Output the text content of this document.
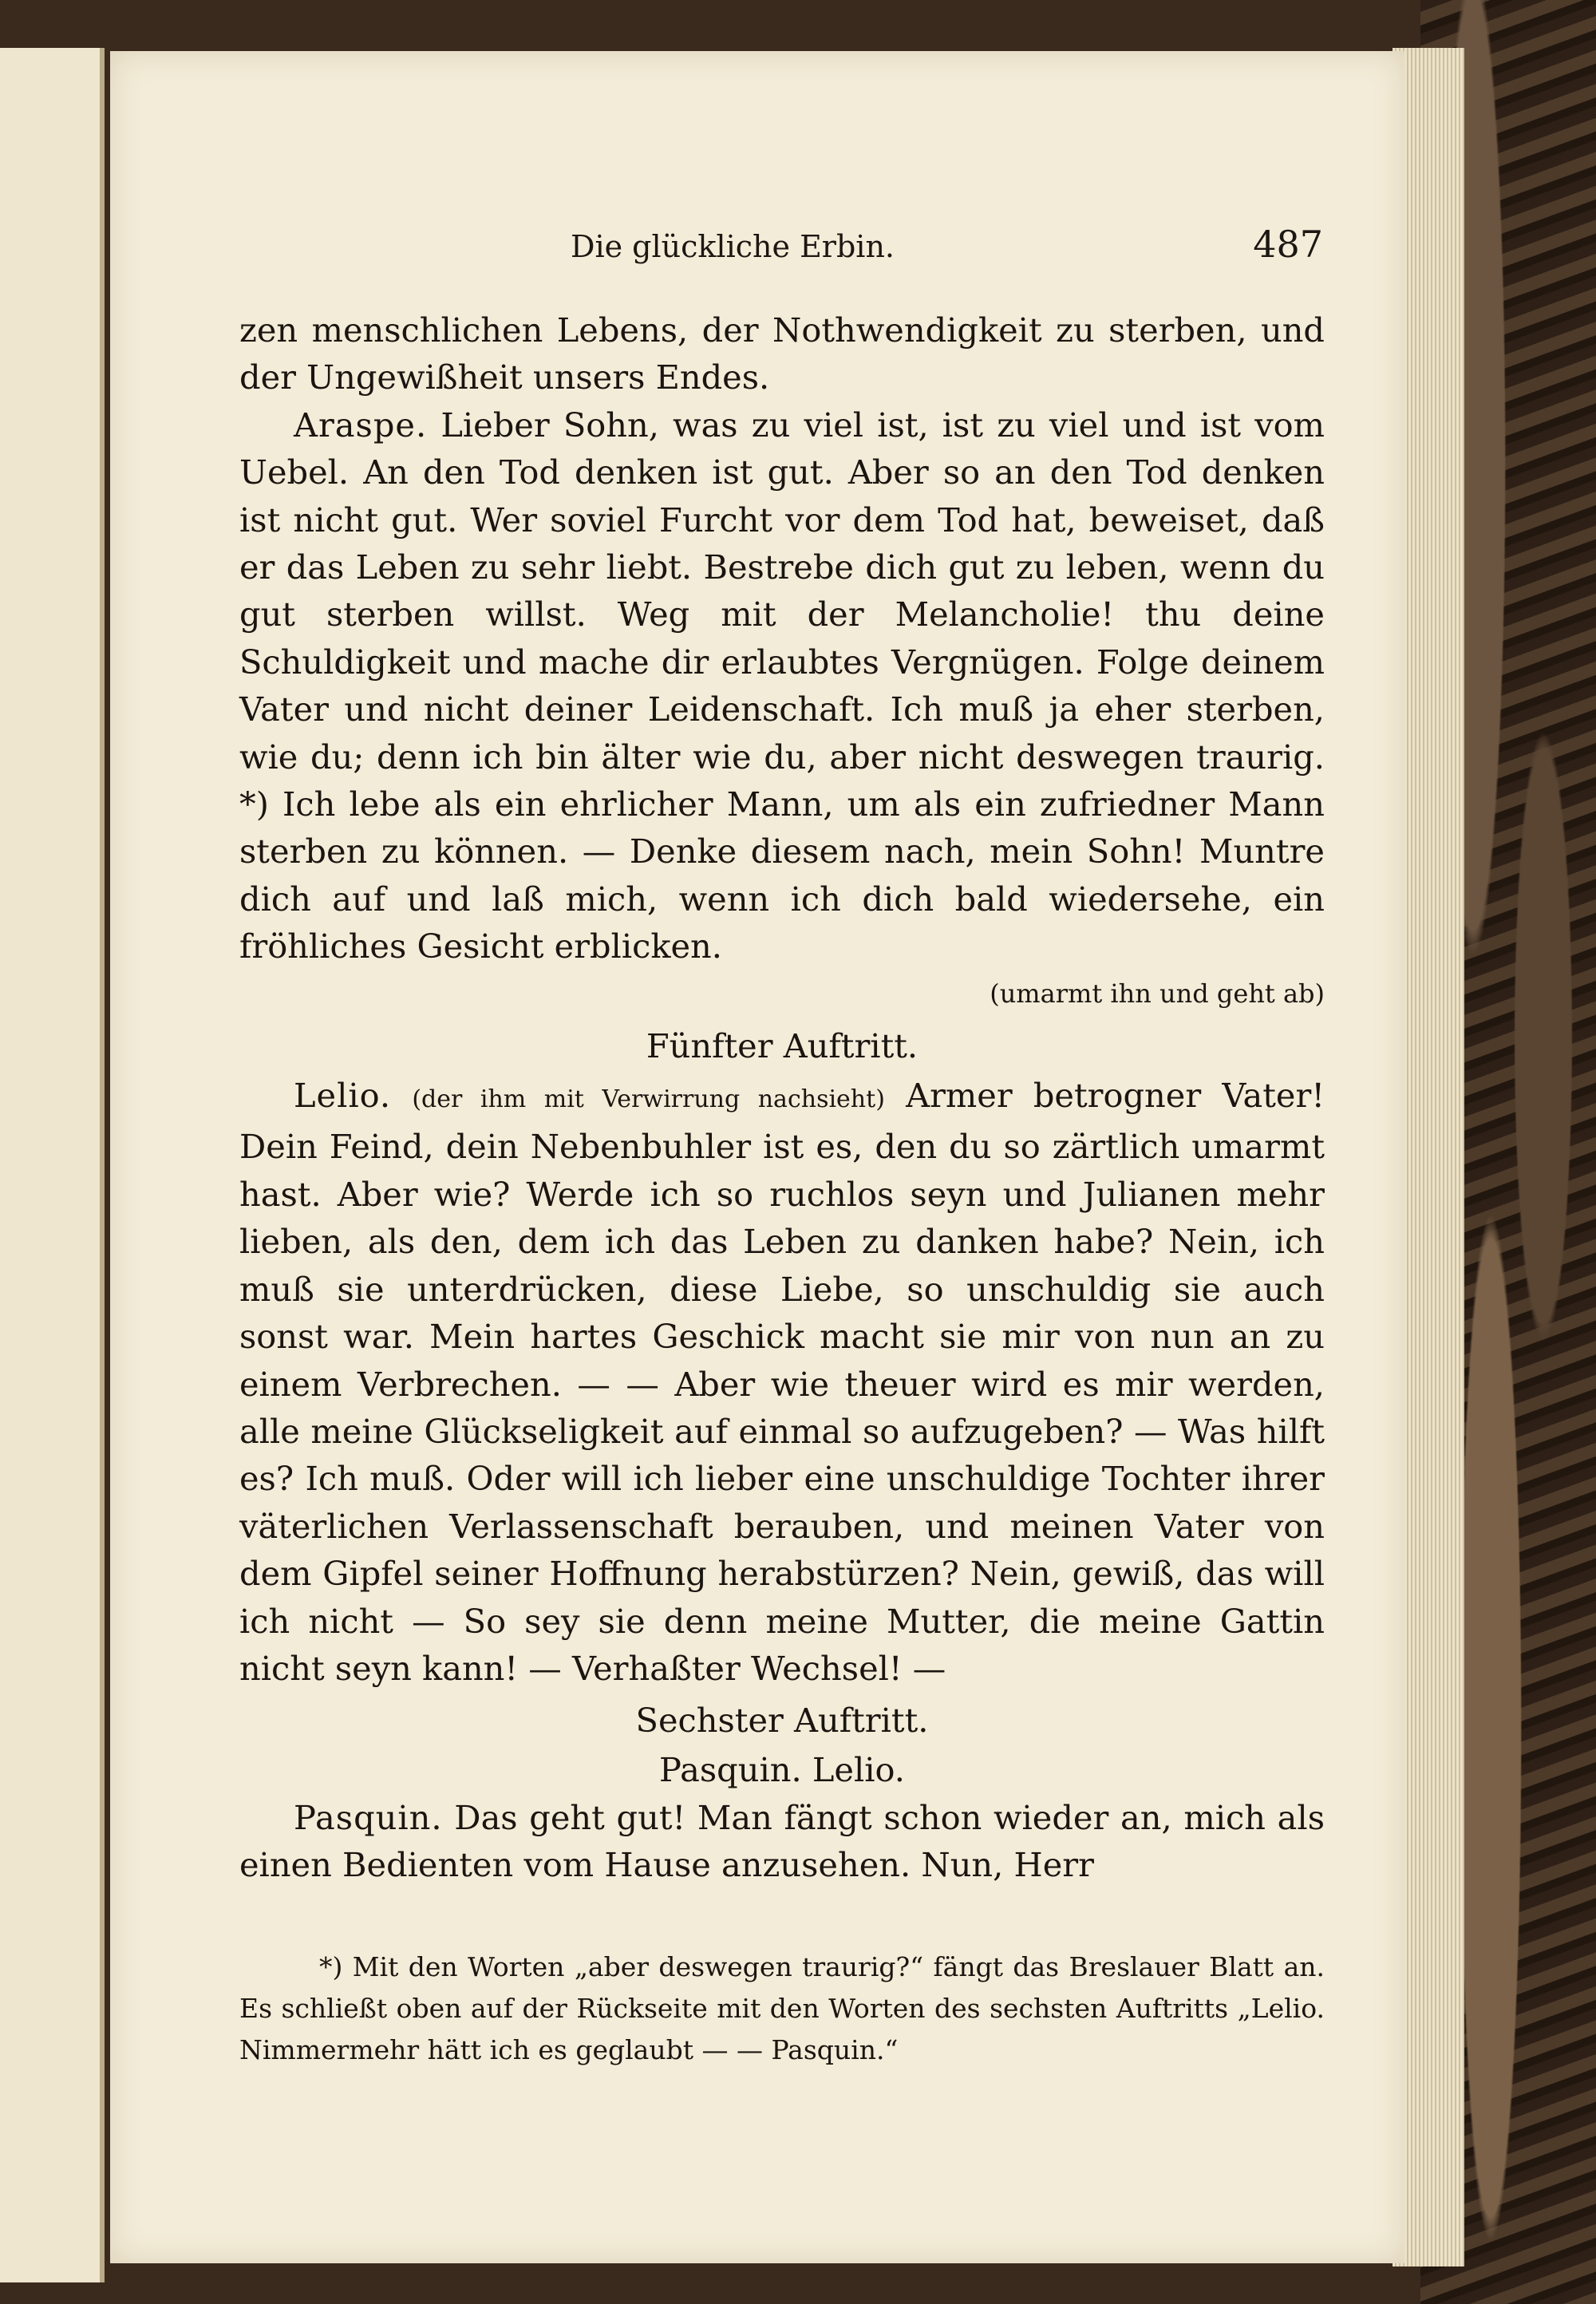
Die glückliche Erbin.	487

zen menschlichen Lebens, der Nothwendigkeit zu sterben, und der Ungewißheit unsers Endes.

Araspe. Lieber Sohn, was zu viel ist, ist zu viel und ist vom Uebel. An den Tod denken ist gut. Aber so an den Tod denken ist nicht gut. Wer soviel Furcht vor dem Tod hat, beweiset, daß er das Leben zu sehr liebt. Bestrebe dich gut zu leben, wenn du gut sterben willst. Weg mit der Melancholie! thu deine Schuldigkeit und mache dir erlaubtes Vergnügen. Folge deinem Vater und nicht deiner Leidenschaft. Ich muß ja eher sterben, wie du; denn ich bin älter wie du, aber nicht deswegen traurig. *) Ich lebe als ein ehrlicher Mann, um als ein zufriedner Mann sterben zu können. — Denke diesem nach, mein Sohn! Muntre dich auf und laß mich, wenn ich dich bald wiedersehe, ein fröhliches Gesicht erblicken.

(umarmt ihn und geht ab)

Fünfter Auftritt.

Lelio. (der ihm mit Verwirrung nachsieht) Armer betrogner Vater! Dein Feind, dein Nebenbuhler ist es, den du so zärtlich umarmt hast. Aber wie? Werde ich so ruchlos seyn und Julianen mehr lieben, als den, dem ich das Leben zu danken habe? Nein, ich muß sie unterdrücken, diese Liebe, so unschuldig sie auch sonst war. Mein hartes Geschick macht sie mir von nun an zu einem Verbrechen. — — Aber wie theuer wird es mir werden, alle meine Glückseligkeit auf einmal so aufzugeben? — Was hilft es? Ich muß. Oder will ich lieber eine unschuldige Tochter ihrer väterlichen Verlassenschaft berauben, und meinen Vater von dem Gipfel seiner Hoffnung herabstürzen? Nein, gewiß, das will ich nicht — So sey sie denn meine Mutter, die meine Gattin nicht seyn kann! — Verhaßter Wechsel! —

Sechster Auftritt.

Pasquin. Lelio.

Pasquin. Das geht gut! Man fängt schon wieder an, mich als einen Bedienten vom Hause anzusehen. Nun, Herr

*) Mit den Worten „aber deswegen traurig?“ fängt das Breslauer Blatt an. Es schließt oben auf der Rückseite mit den Worten des sechsten Auftritts „Lelio. Nimmermehr hätt ich es geglaubt — — Pasquin.“
